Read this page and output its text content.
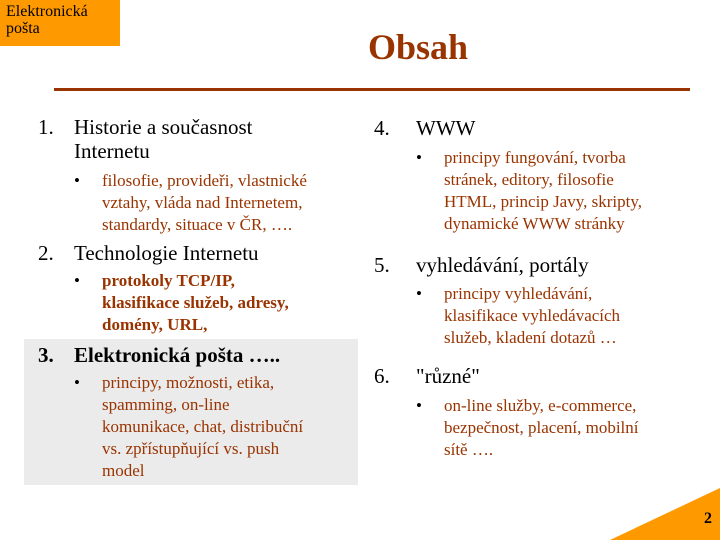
Elektronická
pošta	Obsah
1. Historie a současnost
Internetu
• filosofie, provideři, vlastnické
vztahy, vláda nad Internetem,
standardy, situace v ČR, ….
2. Technologie Internetu
• protokoly TCP/IP,
klasifikace služeb, adresy,
domény, URL,
3. Elektronická pošta …..
• principy, možnosti, etika,
spamming, on-line
komunikace, chat, distribuční
vs. zpřístupňující vs. push
model
4. WWW
• principy fungování, tvorba
stránek, editory, filosofie
HTML, princip Javy, skripty,
dynamické WWW stránky
5. vyhledávání, portály
• principy vyhledávání,
klasifikace vyhledávacích
služeb, kladení dotazů …
6. "různé"
• on-line služby, e-commerce,
bezpečnost, placení, mobilní
sítě ….
2
